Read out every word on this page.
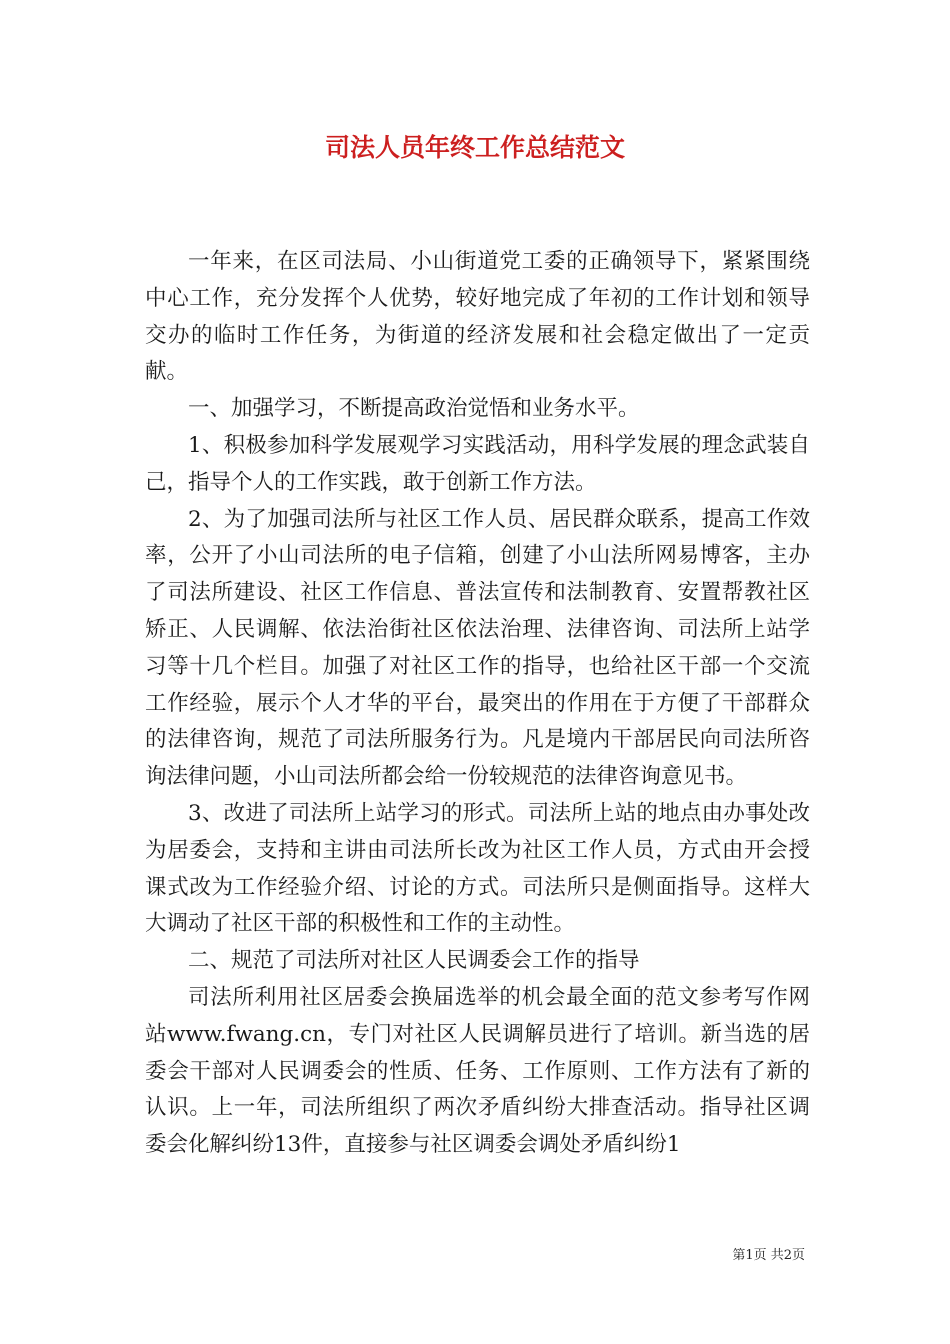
司法人员年终工作总结范文

一年来，在区司法局、小山街道党工委的正确领导下，紧紧围绕中心工作，充分发挥个人优势，较好地完成了年初的工作计划和领导交办的临时工作任务，为街道的经济发展和社会稳定做出了一定贡献。

一、加强学习，不断提高政治觉悟和业务水平。

1、积极参加科学发展观学习实践活动，用科学发展的理念武装自己，指导个人的工作实践，敢于创新工作方法。

2、为了加强司法所与社区工作人员、居民群众联系，提高工作效率，公开了小山司法所的电子信箱，创建了小山法所网易博客，主办了司法所建设、社区工作信息、普法宣传和法制教育、安置帮教社区矫正、人民调解、依法治街社区依法治理、法律咨询、司法所上站学习等十几个栏目。加强了对社区工作的指导，也给社区干部一个交流工作经验，展示个人才华的平台，最突出的作用在于方便了干部群众的法律咨询，规范了司法所服务行为。凡是境内干部居民向司法所咨询法律问题，小山司法所都会给一份较规范的法律咨询意见书。

3、改进了司法所上站学习的形式。司法所上站的地点由办事处改为居委会，支持和主讲由司法所长改为社区工作人员，方式由开会授课式改为工作经验介绍、讨论的方式。司法所只是侧面指导。这样大大调动了社区干部的积极性和工作的主动性。

二、规范了司法所对社区人民调委会工作的指导

司法所利用社区居委会换届选举的机会最全面的范文参考写作网站www.fwang.cn，专门对社区人民调解员进行了培训。新当选的居委会干部对人民调委会的性质、任务、工作原则、工作方法有了新的认识。上一年，司法所组织了两次矛盾纠纷大排查活动。指导社区调委会化解纠纷13件，直接参与社区调委会调处矛盾纠纷1

第1页 共2页
